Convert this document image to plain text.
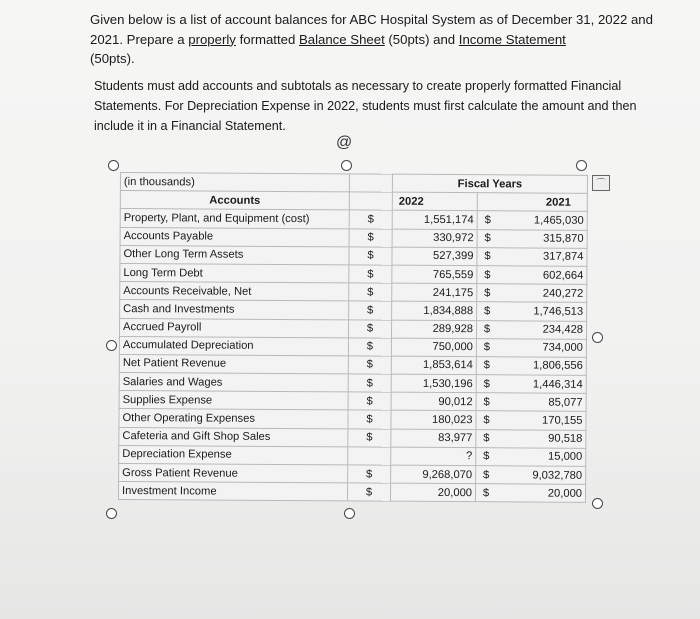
Given below is a list of account balances for ABC Hospital System as of December 31, 2022 and 2021. Prepare a properly formatted Balance Sheet (50pts) and Income Statement
(50pts).
Students must add accounts and subtotals as necessary to create properly formatted Financial Statements. For Depreciation Expense in 2022, students must first calculate the amount and then include it in a Financial Statement.
@
⌒
(in thousands)		Fiscal Years		
Accounts		2022	2021	
Property, Plant, and Equipment (cost)	$	1,551,174	$	1,465,030
Accounts Payable	$	330,972	$	315,870
Other Long Term Assets	$	527,399	$	317,874
Long Term Debt	$	765,559	$	602,664
Accounts Receivable, Net	$	241,175	$	240,272
Cash and Investments	$	1,834,888	$	1,746,513
Accrued Payroll	$	289,928	$	234,428
Accumulated Depreciation	$	750,000	$	734,000
Net Patient Revenue	$	1,853,614	$	1,806,556
Salaries and Wages	$	1,530,196	$	1,446,314
Supplies Expense	$	90,012	$	85,077
Other Operating Expenses	$	180,023	$	170,155
Cafeteria and Gift Shop Sales	$	83,977	$	90,518
Depreciation Expense		?	$	15,000
Gross Patient Revenue	$	9,268,070	$	9,032,780
Investment Income	$	20,000	$	20,000
